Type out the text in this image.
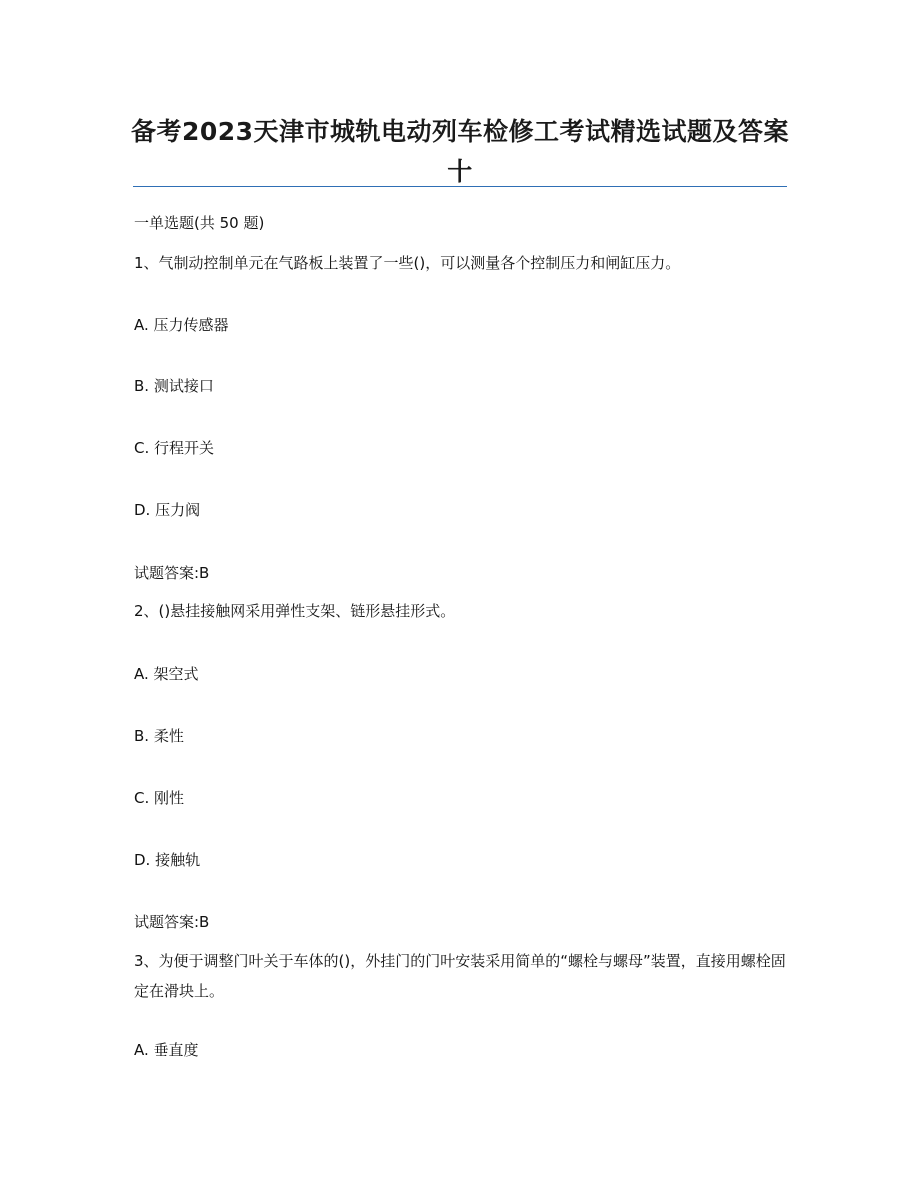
备考2023天津市城轨电动列车检修工考试精选试题及答案十
一单选题(共 50 题)
1、气制动控制单元在气路板上装置了一些()，可以测量各个控制压力和闸缸压力。
A. 压力传感器
B. 测试接口
C. 行程开关
D. 压力阀
试题答案:B
2、()悬挂接触网采用弹性支架、链形悬挂形式。
A. 架空式
B. 柔性
C. 刚性
D. 接触轨
试题答案:B
3、为便于调整门叶关于车体的()，外挂门的门叶安装采用简单的“螺栓与螺母”装置，直接用螺栓固定在滑块上。
A. 垂直度
